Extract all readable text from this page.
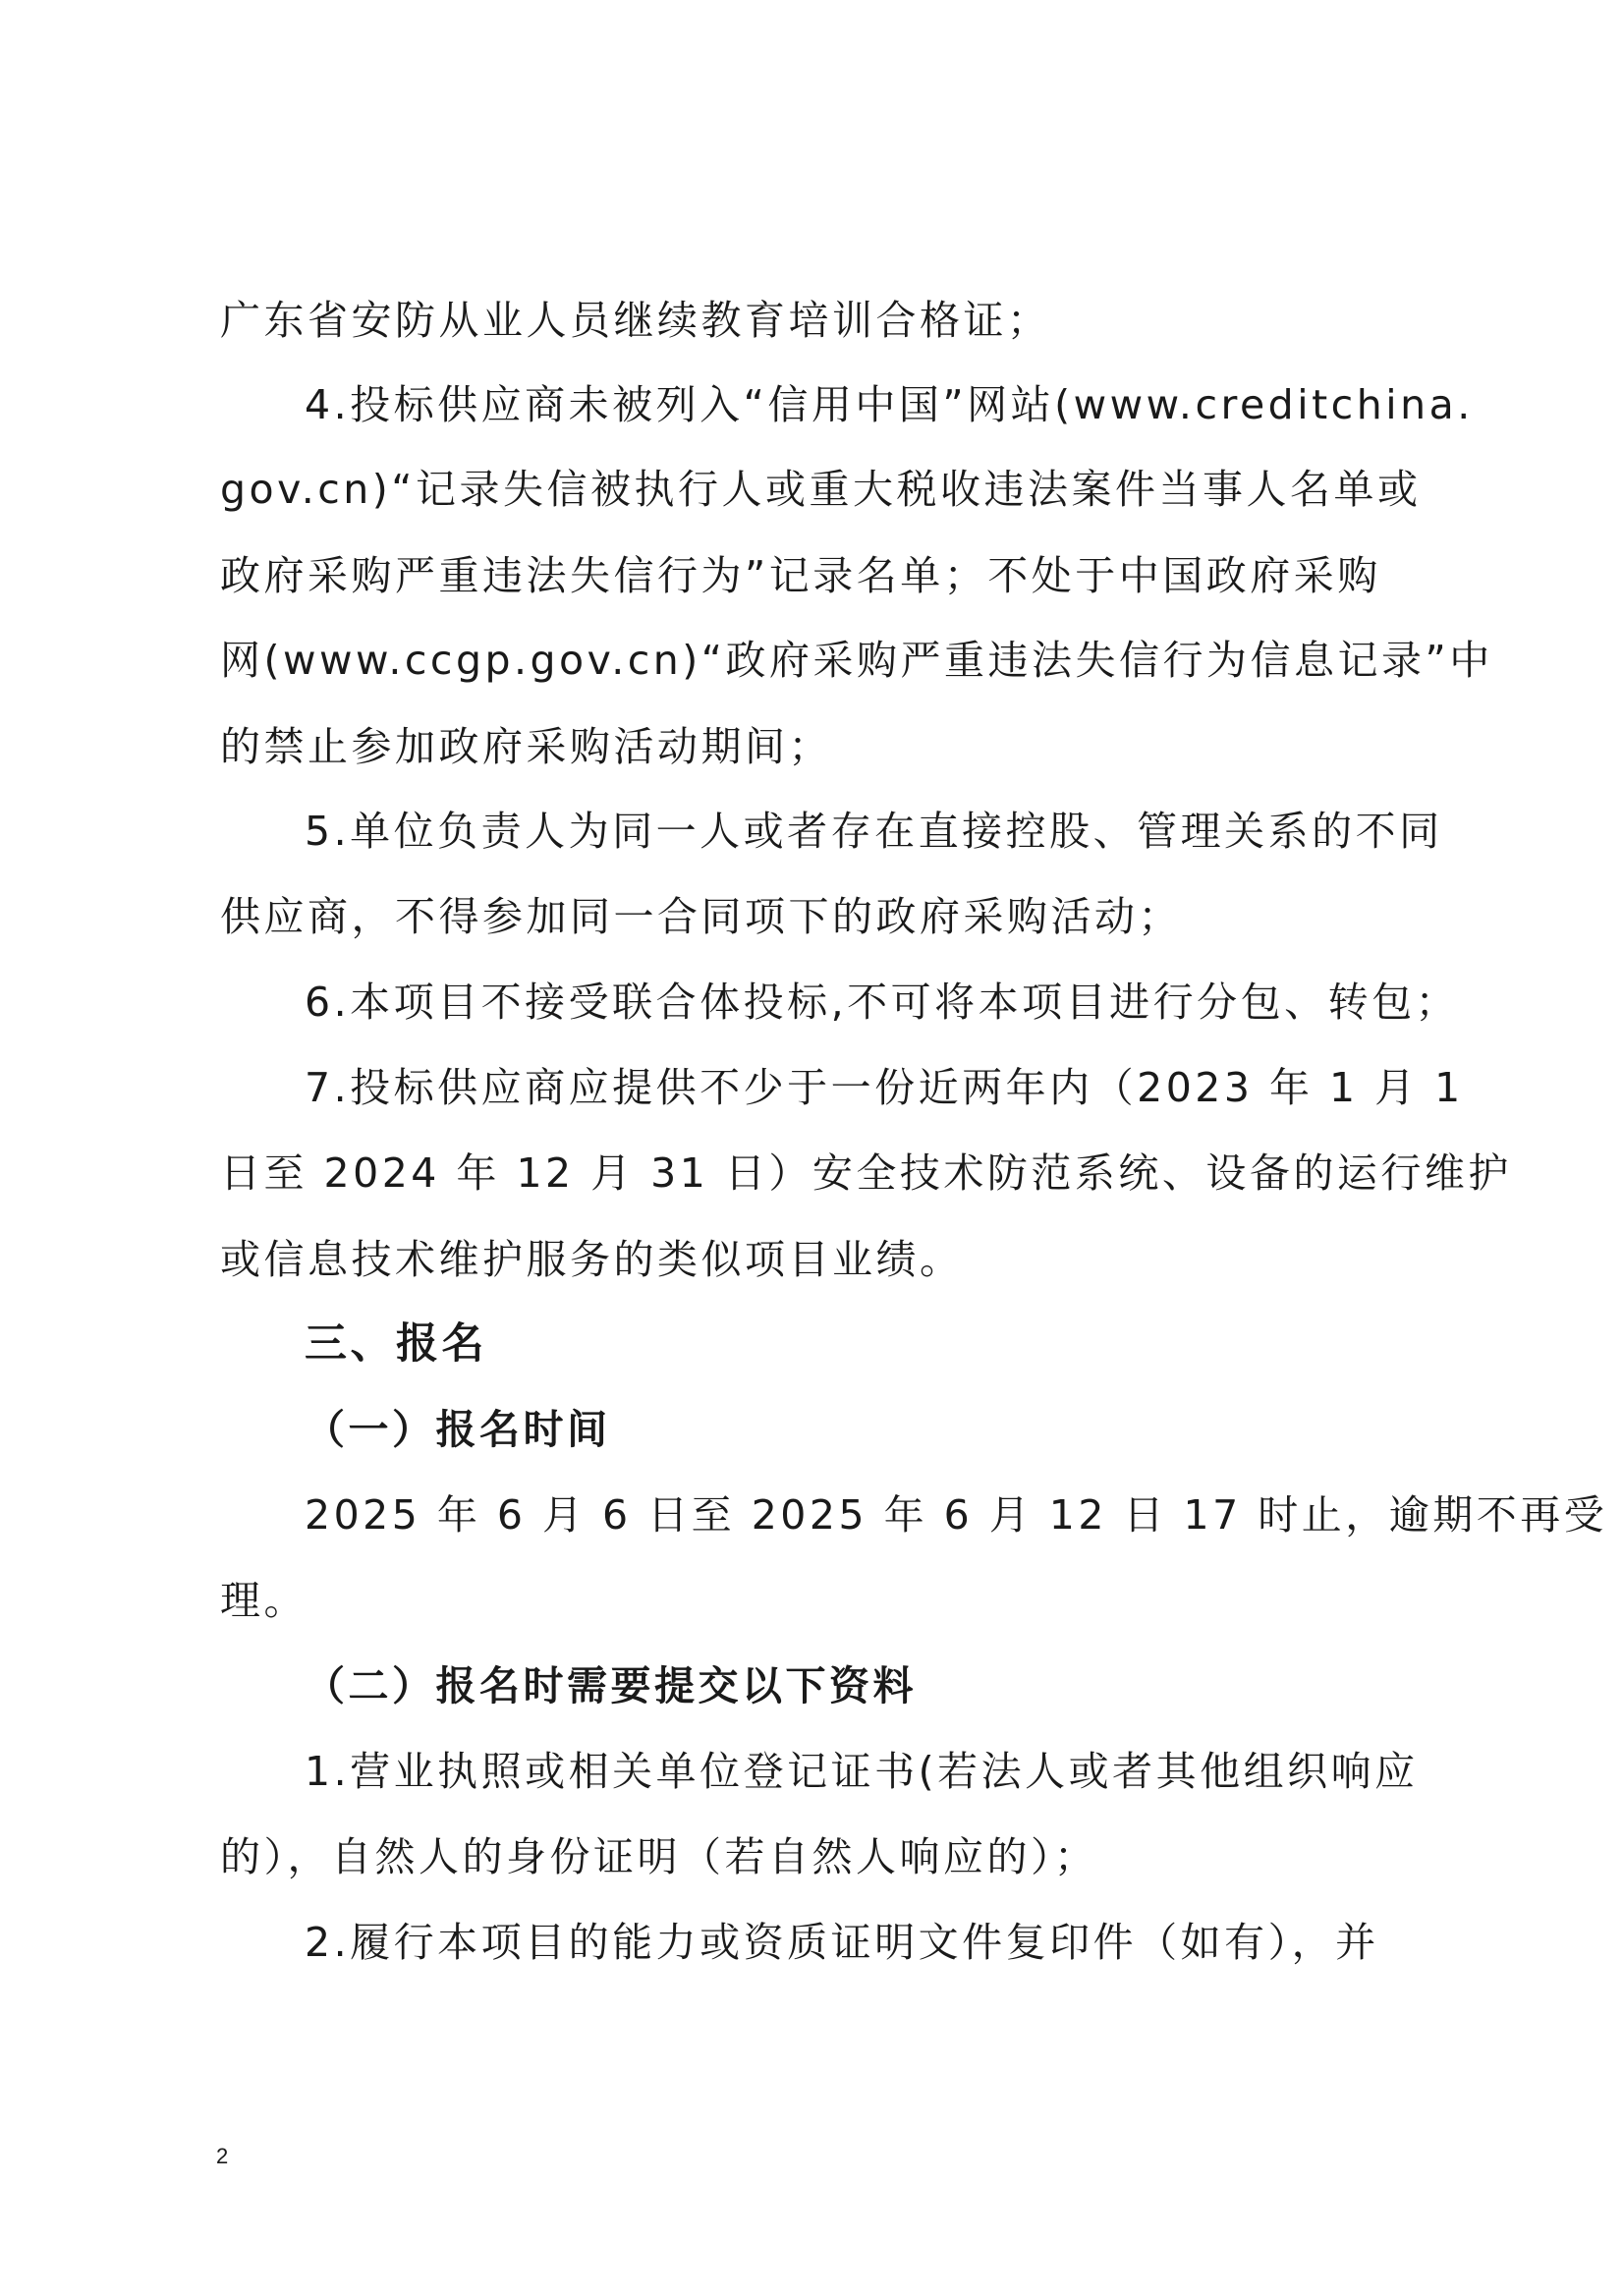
广东省安防从业人员继续教育培训合格证；
4.投标供应商未被列入“信用中国”网站(www.creditchina.
gov.cn)“记录失信被执行人或重大税收违法案件当事人名单或
政府采购严重违法失信行为”记录名单；不处于中国政府采购
网(www.ccgp.gov.cn)“政府采购严重违法失信行为信息记录”中
的禁止参加政府采购活动期间；
5.单位负责人为同一人或者存在直接控股、管理关系的不同
供应商，不得参加同一合同项下的政府采购活动；
6.本项目不接受联合体投标,不可将本项目进行分包、转包；
7.投标供应商应提供不少于一份近两年内（2023 年 1 月 1
日至 2024 年 12 月 31 日）安全技术防范系统、设备的运行维护
或信息技术维护服务的类似项目业绩。
三、报名
（一）报名时间
2025 年 6 月 6 日至 2025 年 6 月 12 日 17 时止，逾期不再受
理。
（二）报名时需要提交以下资料
1.营业执照或相关单位登记证书(若法人或者其他组织响应
的），自然人的身份证明（若自然人响应的）；
2.履行本项目的能力或资质证明文件复印件（如有），并
2
